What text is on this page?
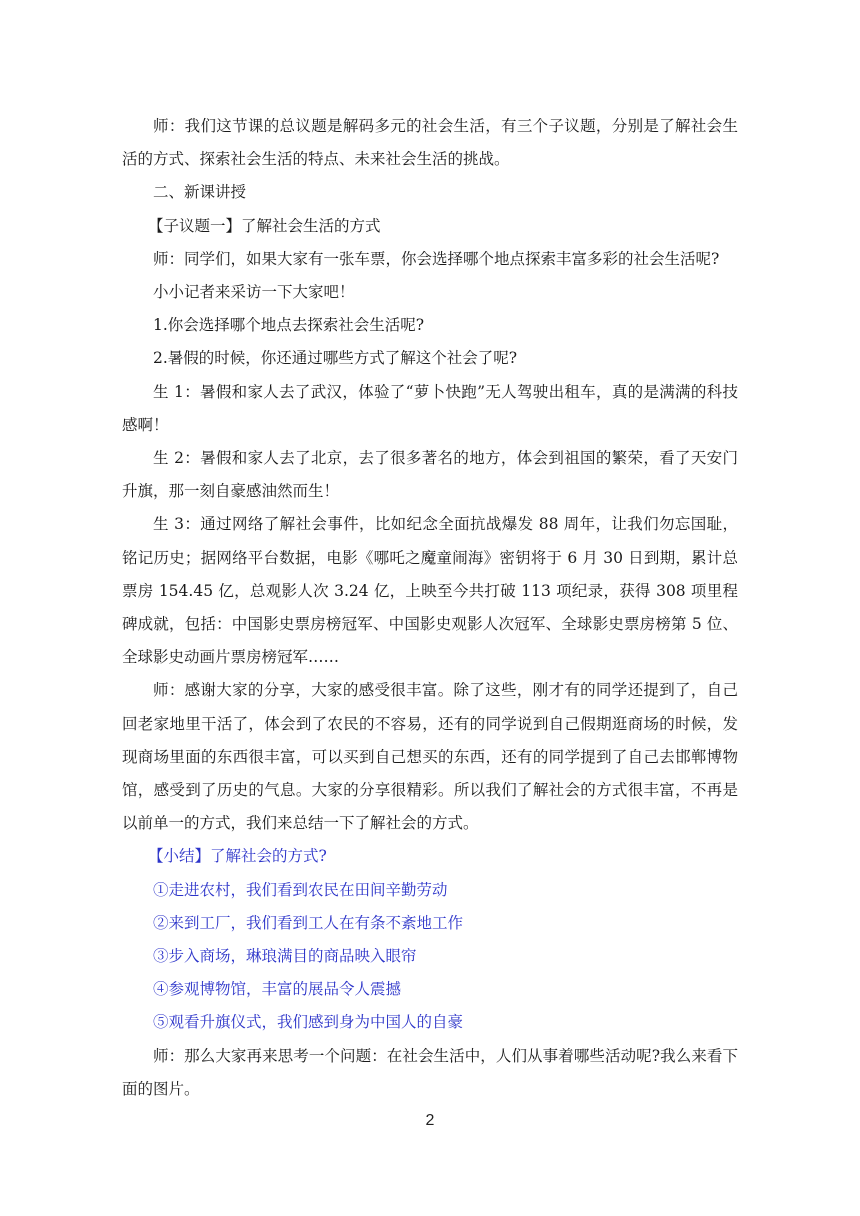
师：我们这节课的总议题是解码多元的社会生活，有三个子议题，分别是了解社会生活的方式、探索社会生活的特点、未来社会生活的挑战。

二、新课讲授

【子议题一】了解社会生活的方式

师：同学们，如果大家有一张车票，你会选择哪个地点探索丰富多彩的社会生活呢?

小小记者来采访一下大家吧！

1.你会选择哪个地点去探索社会生活呢?

2.暑假的时候，你还通过哪些方式了解这个社会了呢?

生 1：暑假和家人去了武汉，体验了“萝卜快跑”无人驾驶出租车，真的是满满的科技感啊！

生 2：暑假和家人去了北京，去了很多著名的地方，体会到祖国的繁荣，看了天安门升旗，那一刻自豪感油然而生！

生 3：通过网络了解社会事件，比如纪念全面抗战爆发 88 周年，让我们勿忘国耻，铭记历史；据网络平台数据，电影《哪吒之魔童闹海》密钥将于 6 月 30 日到期，累计总票房 154.45 亿，总观影人次 3.24 亿，上映至今共打破 113 项纪录，获得 308 项里程碑成就，包括：中国影史票房榜冠军、中国影史观影人次冠军、全球影史票房榜第 5 位、全球影史动画片票房榜冠军……

师：感谢大家的分享，大家的感受很丰富。除了这些，刚才有的同学还提到了，自己回老家地里干活了，体会到了农民的不容易，还有的同学说到自己假期逛商场的时候，发现商场里面的东西很丰富，可以买到自己想买的东西，还有的同学提到了自己去邯郸博物馆，感受到了历史的气息。大家的分享很精彩。所以我们了解社会的方式很丰富，不再是以前单一的方式，我们来总结一下了解社会的方式。

【小结】了解社会的方式?

①走进农村，我们看到农民在田间辛勤劳动

②来到工厂，我们看到工人在有条不紊地工作

③步入商场，琳琅满目的商品映入眼帘

④参观博物馆，丰富的展品令人震撼

⑤观看升旗仪式，我们感到身为中国人的自豪

师：那么大家再来思考一个问题：在社会生活中，人们从事着哪些活动呢?我么来看下面的图片。

2
